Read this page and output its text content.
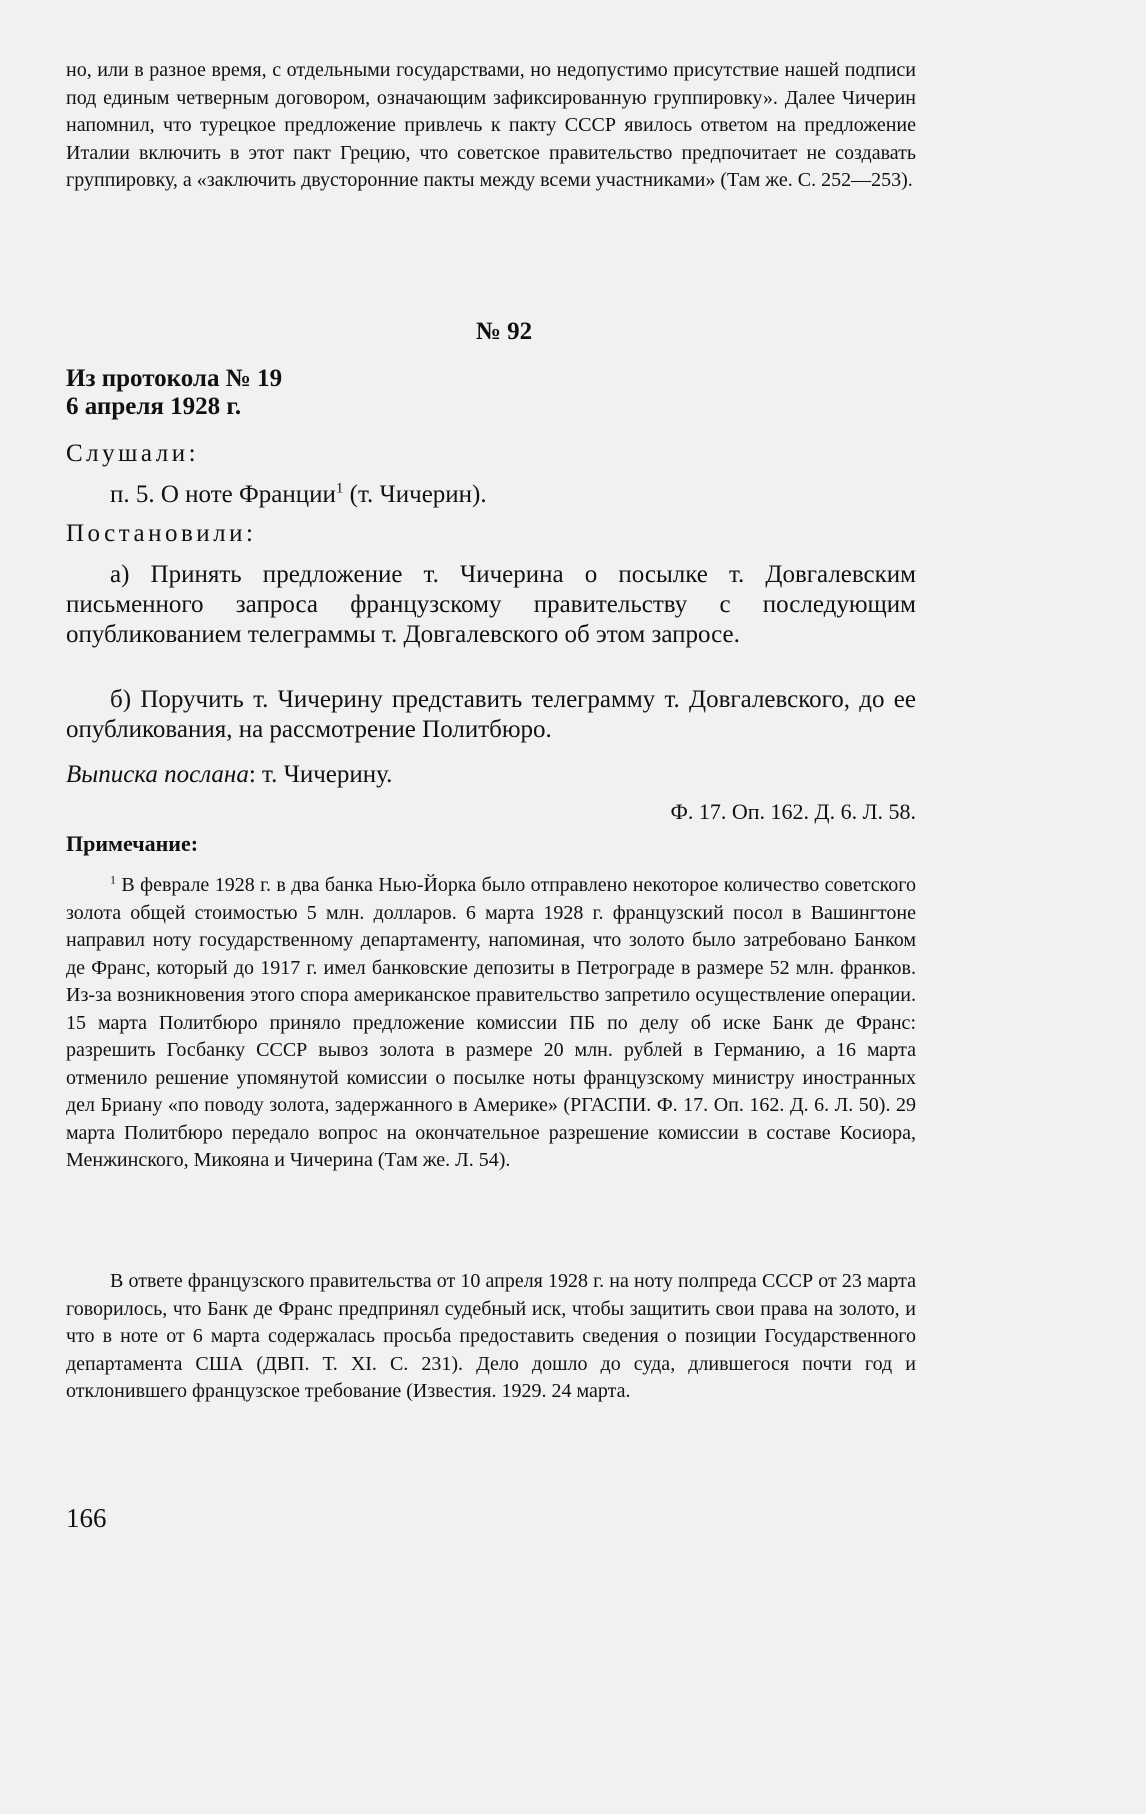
но, или в разное время, с отдельными государствами, но недопустимо присутствие нашей подписи под единым четверным договором, означающим зафиксированную группировку». Далее Чичерин напомнил, что турецкое предложение привлечь к пакту СССР явилось ответом на предложение Италии включить в этот пакт Грецию, что советское правительство предпочитает не создавать группировку, а «заключить двусторонние пакты между всеми участниками» (Там же. С. 252—253).

№ 92
Из протокола № 19
6 апреля 1928 г.
Слушали:

п. 5. О ноте Франции$^1$ (т. Чичерин).

Постановили:

а) Принять предложение т. Чичерина о посылке т. Довгалевским письменного запроса французскому правительству с последующим опубликованием телеграммы т. Довгалевского об этом запросе.

б) Поручить т. Чичерину представить телеграмму т. Довгалевского, до ее опубликования, на рассмотрение Политбюро.

Выписка послана: т. Чичерину.

Ф. 17. Оп. 162. Д. 6. Л. 58.
Примечание:

$^1$ В феврале 1928 г. в два банка Нью-Йорка было отправлено некоторое количество советского золота общей стоимостью 5 млн. долларов. 6 марта 1928 г. французский посол в Вашингтоне направил ноту государственному департаменту, напоминая, что золото было затребовано Банком де Франс, который до 1917 г. имел банковские депозиты в Петрограде в размере 52 млн. франков. Из-за возникновения этого спора американское правительство запретило осуществление операции. 15 марта Политбюро приняло предложение комиссии ПБ по делу об иске Банк де Франс: разрешить Госбанку СССР вывоз золота в размере 20 млн. рублей в Германию, а 16 марта отменило решение упомянутой комиссии о посылке ноты французскому министру иностранных дел Бриану «по поводу золота, задержанного в Америке» (РГАСПИ. Ф. 17. Оп. 162. Д. 6. Л. 50). 29 марта Политбюро передало вопрос на окончательное разрешение комиссии в составе Косиора, Менжинского, Микояна и Чичерина (Там же. Л. 54).

В ответе французского правительства от 10 апреля 1928 г. на ноту полпреда СССР от 23 марта говорилось, что Банк де Франс предпринял судебный иск, чтобы защитить свои права на золото, и что в ноте от 6 марта содержалась просьба предоставить сведения о позиции Государственного департамента США (ДВП. Т. XI. С. 231). Дело дошло до суда, длившегося почти год и отклонившего французское требование (Известия. 1929. 24 марта.

166
